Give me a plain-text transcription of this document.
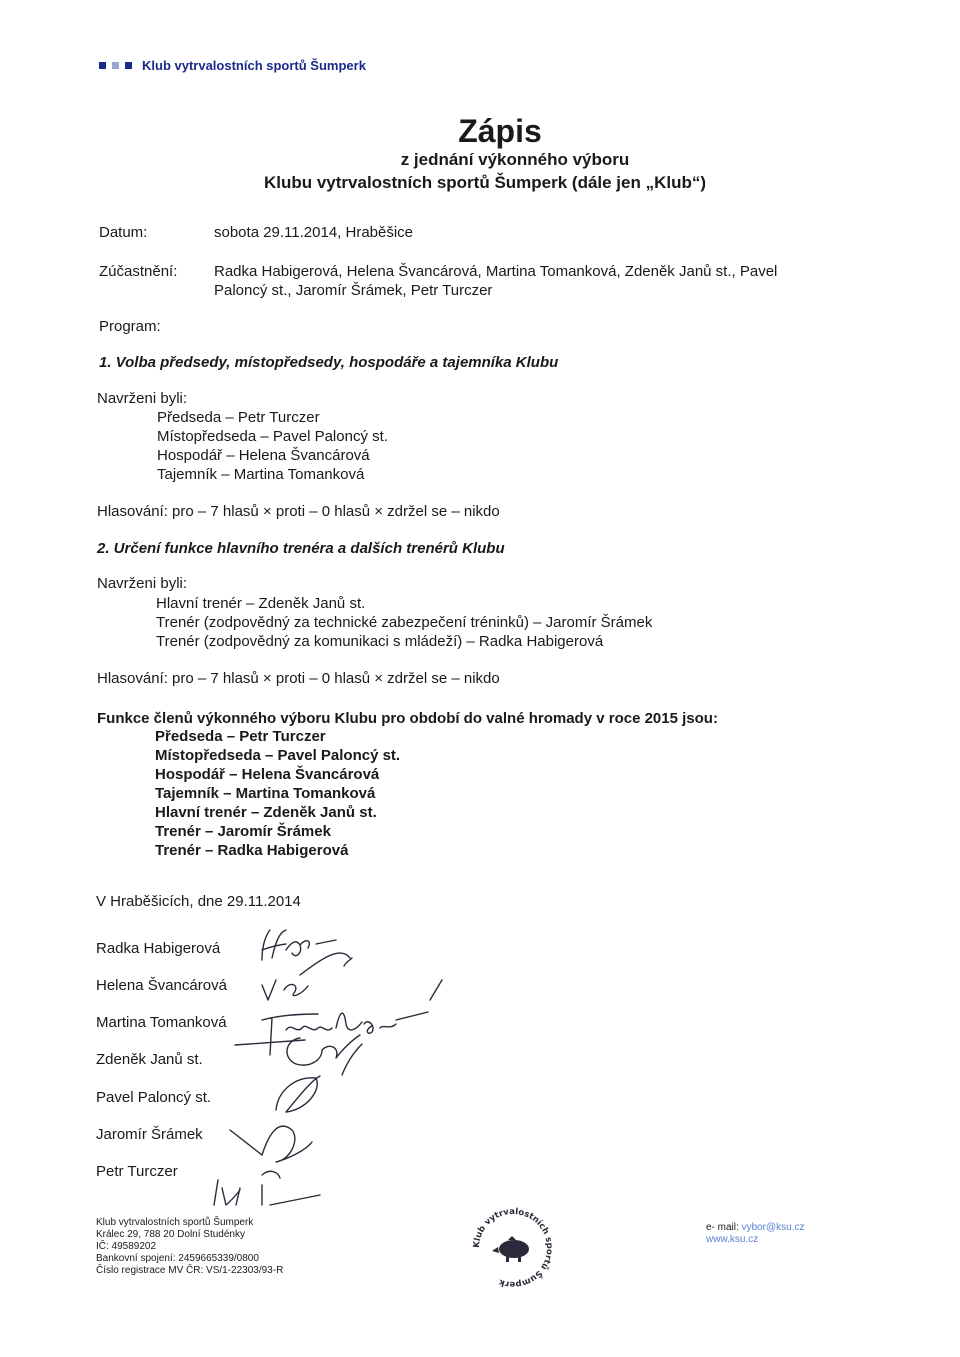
Klub vytrvalostních sportů Šumperk
Zápis
z jednání výkonného výboru
Klubu vytrvalostních sportů Šumperk (dále jen „Klub“)
Datum:	sobota 29.11.2014, Hraběšice
Zúčastnění: Radka Habigerová, Helena Švancárová, Martina Tomanková, Zdeněk Janů st., Pavel
Paloncý st., Jaromír Šrámek, Petr Turczer
Program:
1. Volba předsedy, místopředsedy, hospodáře a tajemníka Klubu
Navrženi byli:
Předseda – Petr Turczer
Místopředseda – Pavel Paloncý st.
Hospodář – Helena Švancárová
Tajemník – Martina Tomanková
Hlasování: pro – 7 hlasů × proti – 0 hlasů × zdržel se – nikdo
2. Určení funkce hlavního trenéra a dalších trenérů Klubu
Navrženi byli:
Hlavní trenér – Zdeněk Janů st.
Trenér (zodpovědný za technické zabezpečení tréninků) – Jaromír Šrámek
Trenér (zodpovědný za komunikaci s mládeží) – Radka Habigerová
Hlasování: pro – 7 hlasů × proti – 0 hlasů × zdržel se – nikdo
Funkce členů výkonného výboru Klubu pro období do valné hromady v roce 2015 jsou:
Předseda – Petr Turczer
Místopředseda – Pavel Paloncý st.
Hospodář – Helena Švancárová
Tajemník – Martina Tomanková
Hlavní trenér – Zdeněk Janů st.
Trenér – Jaromír Šrámek
Trenér – Radka Habigerová
V Hraběšicích, dne 29.11.2014
Radka Habigerová
Helena Švancárová
Martina Tomanková
Zdeněk Janů st.
Pavel Paloncý st.
Jaromír Šrámek
Petr Turczer
Klub vytrvalostních sportů Šumperk
Králec 29, 788 20 Dolní Studénky
IČ: 49589202
Bankovní spojení: 2459665339/0800
Číslo registrace MV ČR: VS/1-22303/93-R
Klub vytrvalostních sportů Šumperk
e- mail: vybor@ksu.cz
www.ksu.cz
